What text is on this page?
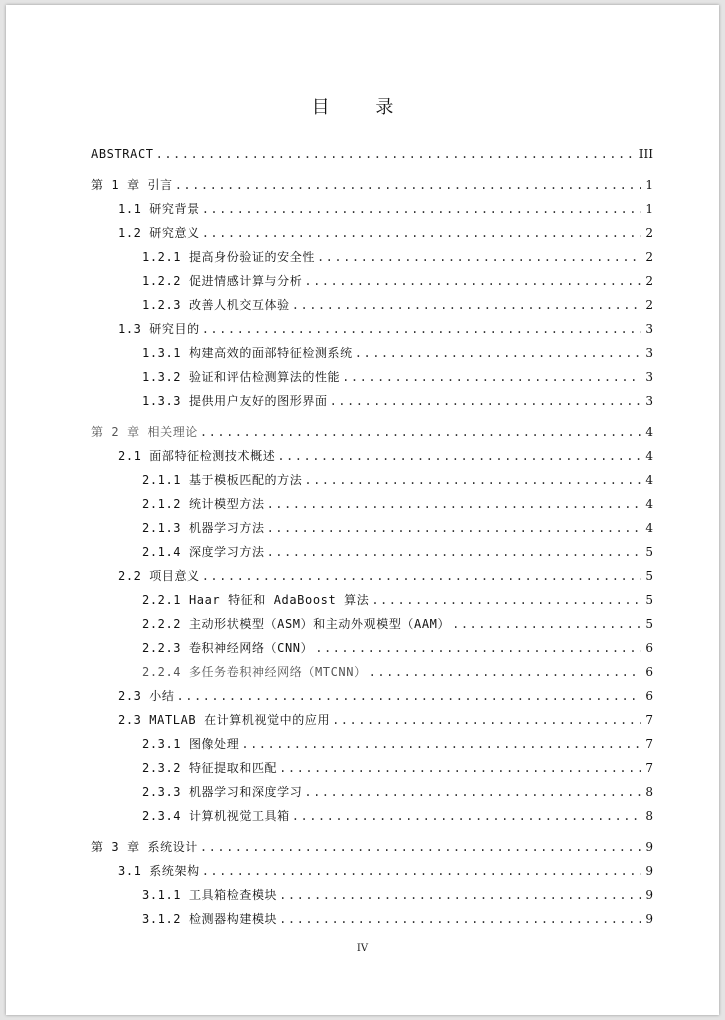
目 录
ABSTRACT .....	III
第 1 章 引言 .....	1
1.1 研究背景 .....	1
1.2 研究意义 .....	2
1.2.1 提高身份验证的安全性 .....	2
1.2.2 促进情感计算与分析 .....	2
1.2.3 改善人机交互体验 .....	2
1.3 研究目的 .....	3
1.3.1 构建高效的面部特征检测系统 .....	3
1.3.2 验证和评估检测算法的性能 .....	3
1.3.3 提供用户友好的图形界面 .....	3
第 2 章 相关理论 .....	4
2.1 面部特征检测技术概述 .....	4
2.1.1 基于模板匹配的方法 .....	4
2.1.2 统计模型方法 .....	4
2.1.3 机器学习方法 .....	4
2.1.4 深度学习方法 .....	5
2.2 项目意义 .....	5
2.2.1 Haar 特征和 AdaBoost 算法 .....	5
2.2.2 主动形状模型（ASM）和主动外观模型（AAM） .....	5
2.2.3 卷积神经网络（CNN） .....	6
2.2.4 多任务卷积神经网络（MTCNN） .....	6
2.3 小结 .....	6
2.3 MATLAB 在计算机视觉中的应用 .....	7
2.3.1 图像处理 .....	7
2.3.2 特征提取和匹配 .....	7
2.3.3 机器学习和深度学习 .....	8
2.3.4 计算机视觉工具箱 .....	8
第 3 章 系统设计 .....	9
3.1 系统架构 .....	9
3.1.1 工具箱检查模块 .....	9
3.1.2 检测器构建模块 .....	9
IV
